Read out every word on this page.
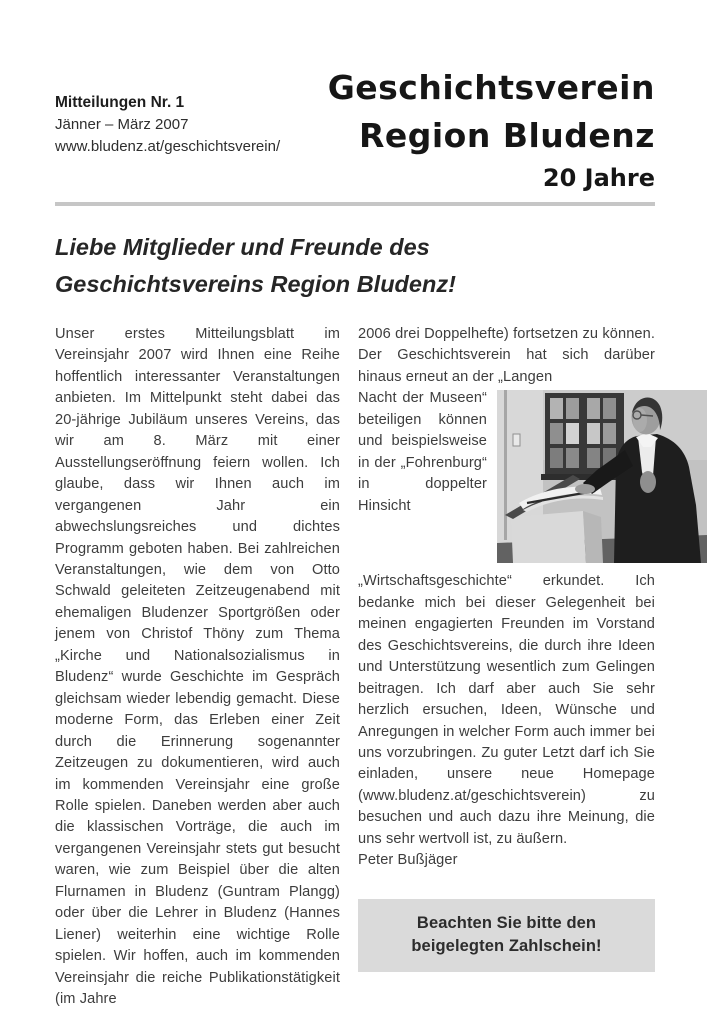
Mitteilungen Nr. 1
Jänner – März 2007
www.bludenz.at/geschichtsverein/
Geschichtsverein
Region Bludenz
20 Jahre
Liebe Mitglieder und Freunde des
Geschichtsvereins Region Bludenz!

Unser erstes Mitteilungsblatt im Vereinsjahr 2007 wird Ihnen eine Reihe hoffentlich interessanter Veranstaltungen anbieten. Im Mittelpunkt steht dabei das 20-jährige Jubiläum unseres Vereins, das wir am 8. März mit einer Ausstellungseröffnung feiern wollen. Ich glaube, dass wir Ihnen auch im vergangenen Jahr ein abwechslungsreiches und dichtes Programm geboten haben. Bei zahlreichen Veranstaltungen, wie dem von Otto Schwald geleiteten Zeitzeugenabend mit ehemaligen Bludenzer Sportgrößen oder jenem von Christof Thöny zum Thema „Kirche und Nationalsozialismus in Bludenz“ wurde Geschichte im Gespräch gleichsam wieder lebendig gemacht. Diese moderne Form, das Erleben einer Zeit durch die Erinnerung sogenannter Zeitzeugen zu dokumentieren, wird auch im kommenden Vereinsjahr eine große Rolle spielen. Daneben werden aber auch die klassischen Vorträge, die auch im vergangenen Vereinsjahr stets gut besucht waren, wie zum Beispiel über die alten Flurnamen in Bludenz (Guntram Plangg) oder über die Lehrer in Bludenz (Hannes Liener) weiterhin eine wichtige Rolle spielen. Wir hoffen, auch im kommenden Vereinsjahr die reiche Publikationstätigkeit (im Jahre

2006 drei Doppelhefte) fortsetzen zu können. Der Geschichtsverein hat sich darüber hinaus erneut an der „Langen

Nacht der Museen“ beteiligen können und beispielsweise in der „Fohrenburg“ in doppelter Hinsicht „Wirtschaftsgeschichte“ erkundet. Ich bedanke mich bei dieser Gelegenheit bei meinen engagierten Freunden im Vorstand des Geschichtsvereins, die durch ihre Ideen und Unterstützung wesentlich zum Gelingen beitragen. Ich darf aber auch Sie sehr herzlich ersuchen, Ideen, Wünsche und Anregungen in welcher Form auch immer bei uns vorzubringen. Zu guter Letzt darf ich Sie einladen, unsere neue Homepage (www.bludenz.at/geschichtsverein) zu besuchen und auch dazu ihre Meinung, die uns sehr wertvoll ist, zu äußern.

Peter Bußjäger

Beachten Sie bitte den
beigelegten Zahlschein!
